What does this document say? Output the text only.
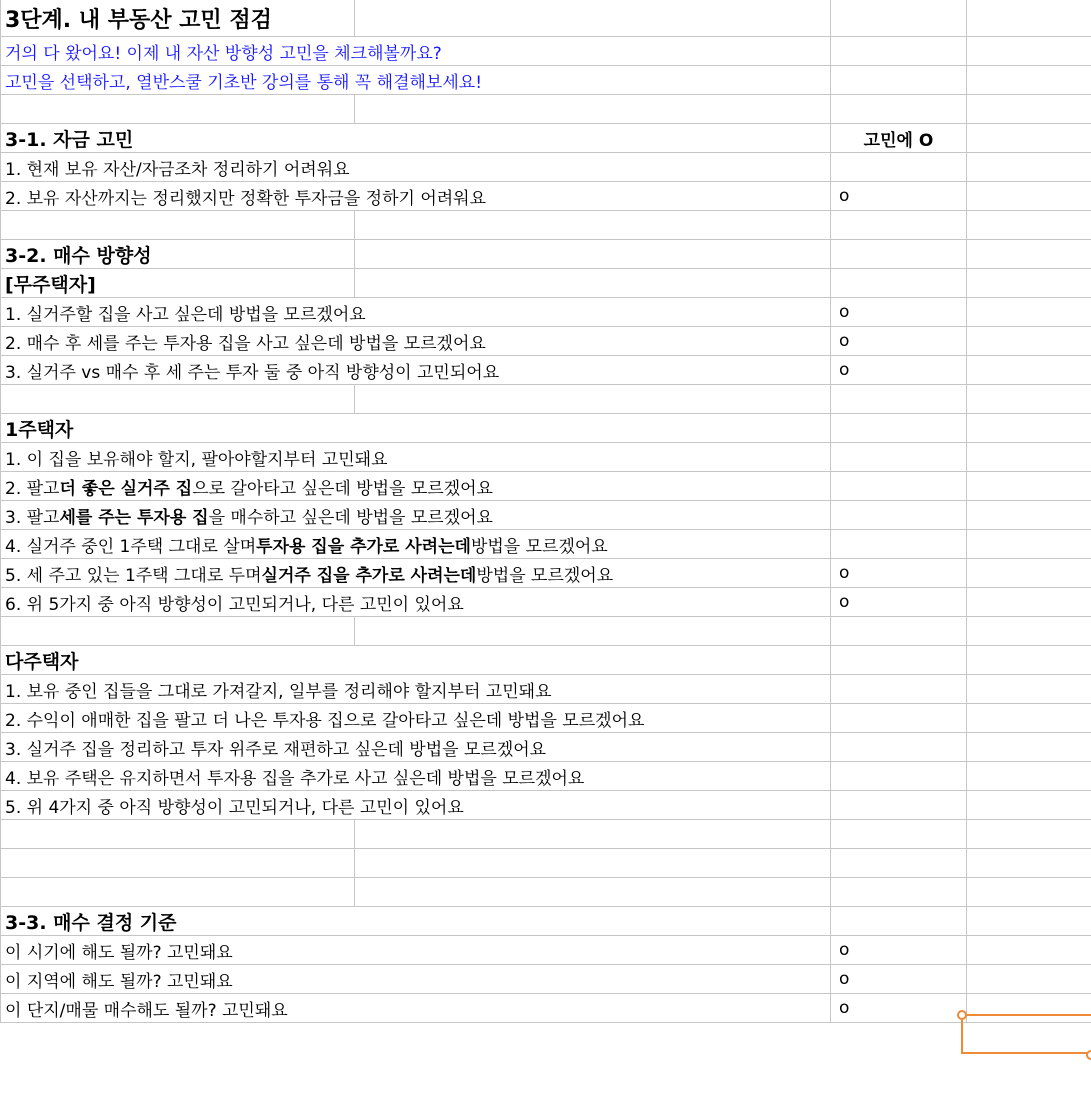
3단계. 내 부동산 고민 점검
거의 다 왔어요! 이제 내 자산 방향성 고민을 체크해볼까요?
고민을 선택하고, 열반스쿨 기초반 강의를 통해 꼭 해결해보세요!
3-1. 자금 고민	고민에 O
1. 현재 보유 자산/자금조차 정리하기 어려워요
2. 보유 자산까지는 정리했지만 정확한 투자금을 정하기 어려워요	o
3-2. 매수 방향성
[무주택자]
1. 실거주할 집을 사고 싶은데 방법을 모르겠어요	o
2. 매수 후 세를 주는 투자용 집을 사고 싶은데 방법을 모르겠어요	o
3. 실거주 vs 매수 후 세 주는 투자 둘 중 아직 방향성이 고민되어요	o
1주택자
1. 이 집을 보유해야 할지, 팔아야할지부터 고민돼요
2. 팔고 더 좋은 실거주 집 으로 갈아타고 싶은데 방법을 모르겠어요
3. 팔고 세를 주는 투자용 집 을 매수하고 싶은데 방법을 모르겠어요
4. 실거주 중인 1주택 그대로 살며 투자용 집을 추가로 사려는데 방법을 모르겠어요
5. 세 주고 있는 1주택 그대로 두며 실거주 집을 추가로 사려는데 방법을 모르겠어요	o
6. 위 5가지 중 아직 방향성이 고민되거나, 다른 고민이 있어요	o
다주택자
1. 보유 중인 집들을 그대로 가져갈지, 일부를 정리해야 할지부터 고민돼요
2. 수익이 애매한 집을 팔고 더 나은 투자용 집으로 갈아타고 싶은데 방법을 모르겠어요
3. 실거주 집을 정리하고 투자 위주로 재편하고 싶은데 방법을 모르겠어요
4. 보유 주택은 유지하면서 투자용 집을 추가로 사고 싶은데 방법을 모르겠어요
5. 위 4가지 중 아직 방향성이 고민되거나, 다른 고민이 있어요
3-3. 매수 결정 기준
이 시기에 해도 될까? 고민돼요	o
이 지역에 해도 될까? 고민돼요	o
이 단지/매물 매수해도 될까? 고민돼요	o
